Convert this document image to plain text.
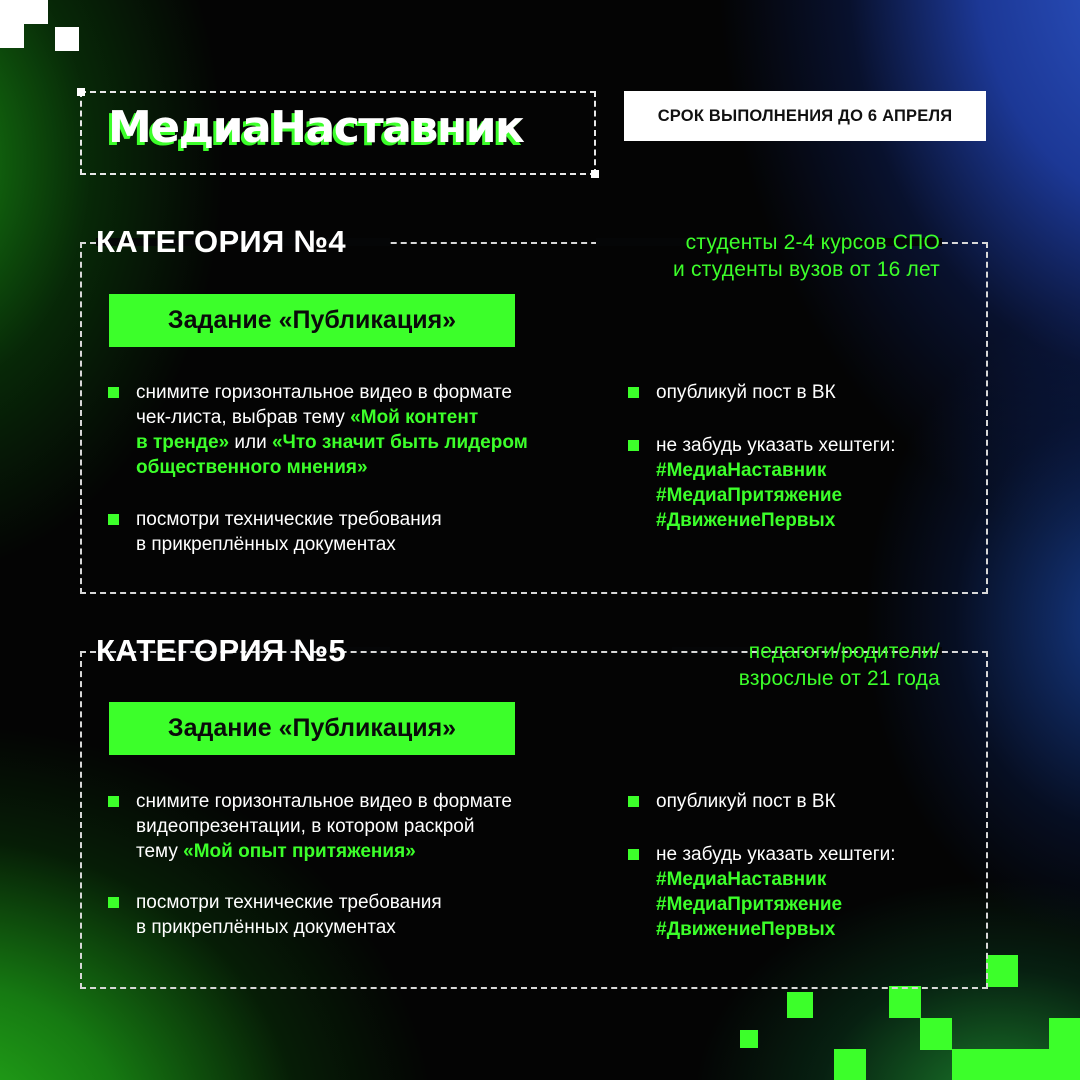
МедиаНаставник	СРОК ВЫПОЛНЕНИЯ ДО 6 АПРЕЛЯ
КАТЕГОРИЯ №4	студенты 2-4 курсов СПО
и студенты вузов от 16 лет
Задание «Публикация»
снимите горизонтальное видео в формате
чек-листа, выбрав тему «Мой контент
в тренде» или «Что значит быть лидером
общественного мнения»
посмотри технические требования
в прикреплённых документах
опубликуй пост в ВК
не забудь указать хештеги:
#МедиаНаставник
#МедиаПритяжение
#ДвижениеПервых
КАТЕГОРИЯ №5	педагоги/родители/
взрослые от 21 года
Задание «Публикация»
снимите горизонтальное видео в формате
видеопрезентации, в котором раскрой
тему «Мой опыт притяжения»
посмотри технические требования
в прикреплённых документах
опубликуй пост в ВК
не забудь указать хештеги:
#МедиаНаставник
#МедиаПритяжение
#ДвижениеПервых
